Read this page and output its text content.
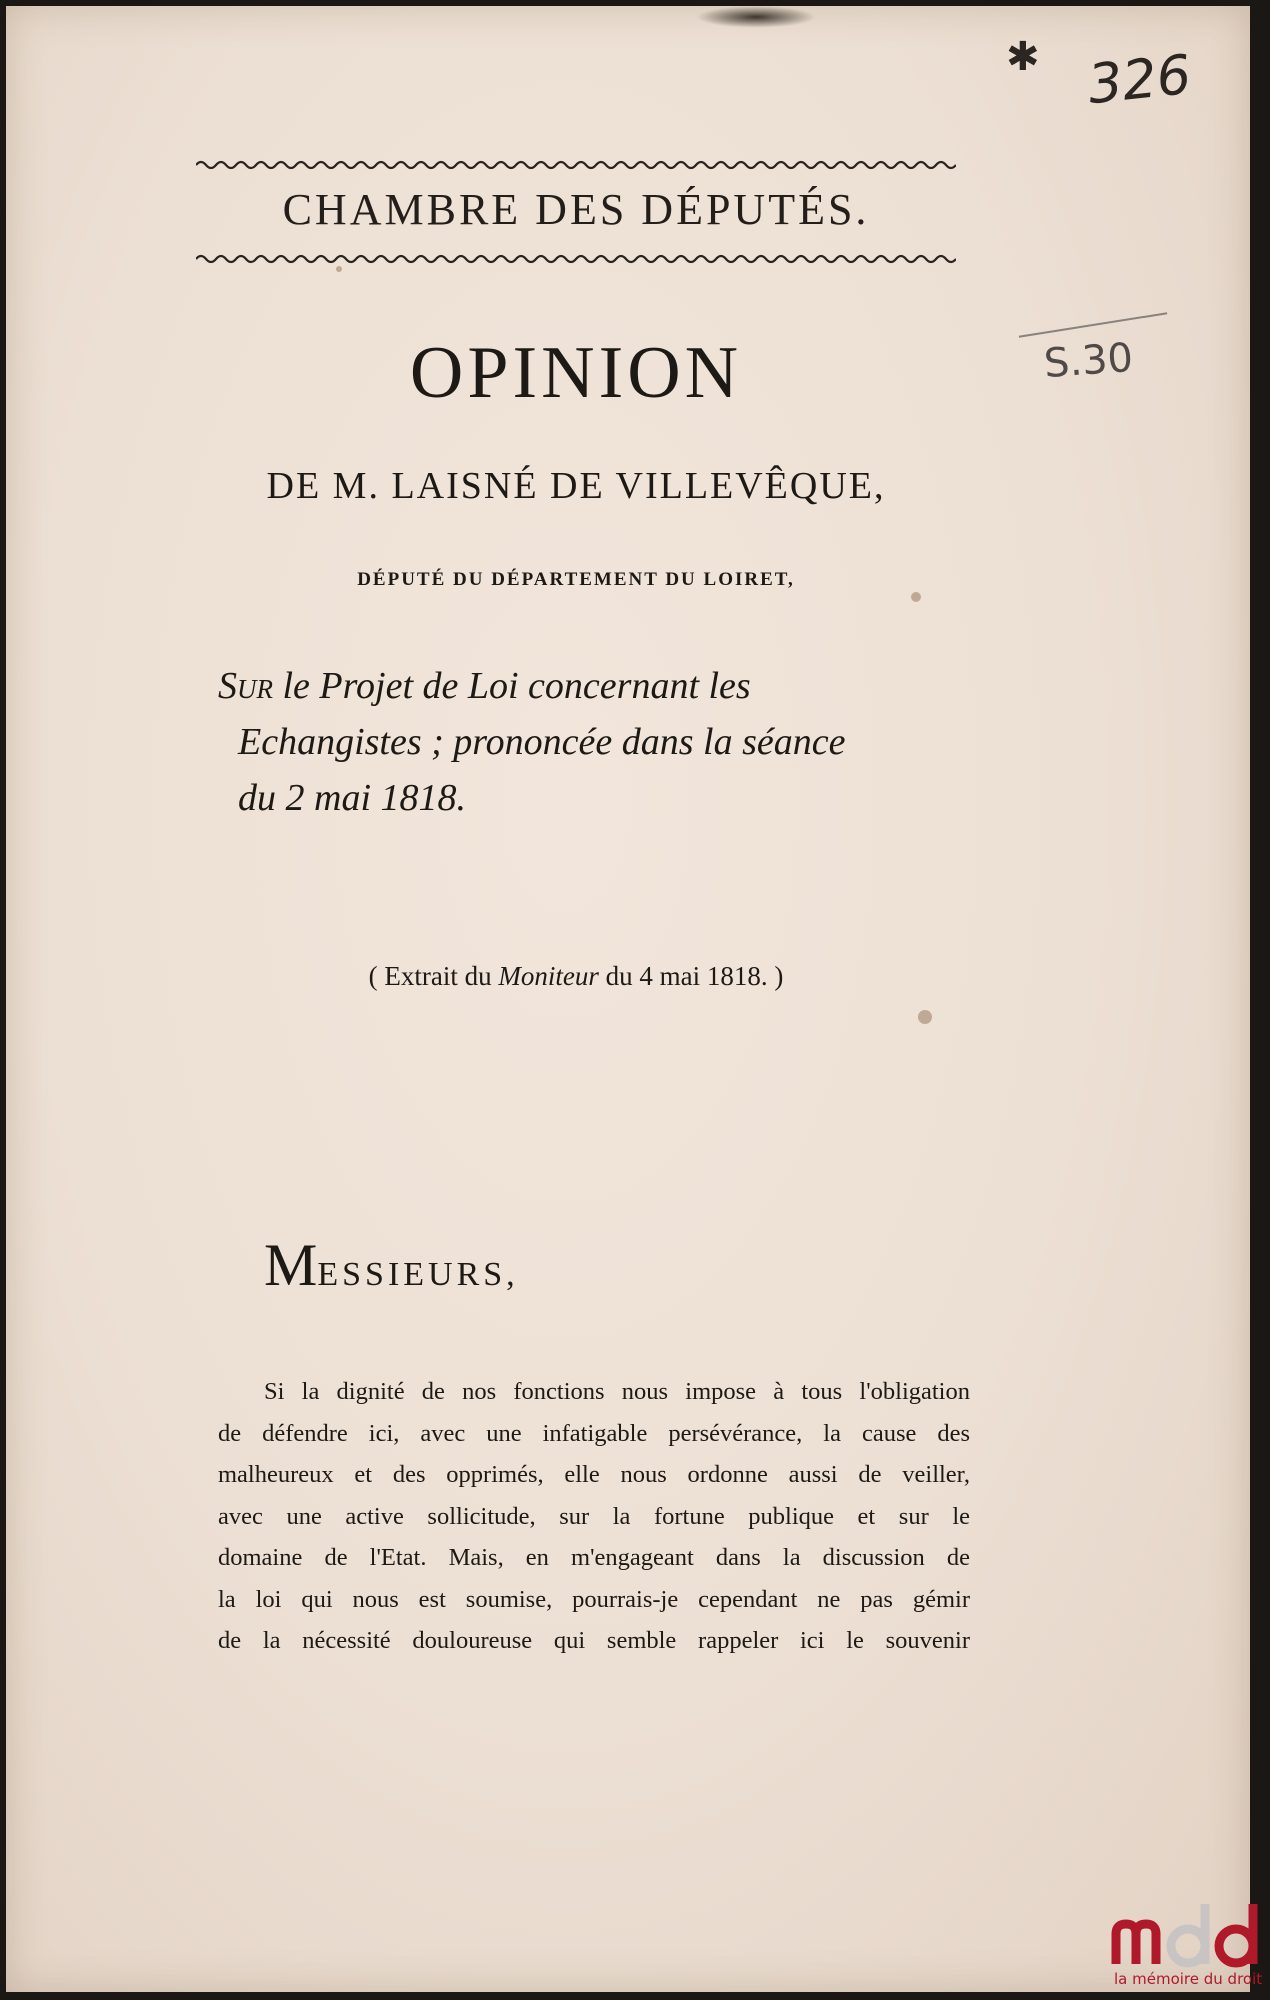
✱ 326
S.30
CHAMBRE DES DÉPUTÉS.
OPINION
DE M. LAISNÉ DE VILLEVÊQUE,
DÉPUTÉ DU DÉPARTEMENT DU LOIRET,
Sur le Projet de Loi concernant les
Echangistes ; prononcée dans la séance
du 2 mai 1818.
( Extrait du Moniteur du 4 mai 1818. )
MESSIEURS,
Si la dignité de nos fonctions nous impose à tous l'obligation
de défendre ici, avec une infatigable persévérance, la cause des
malheureux et des opprimés, elle nous ordonne aussi de veiller,
avec une active sollicitude, sur la fortune publique et sur le
domaine de l'Etat. Mais, en m'engageant dans la discussion de
la loi qui nous est soumise, pourrais-je cependant ne pas gémir
de la nécessité douloureuse qui semble rappeler ici le souvenir
la mémoire du droit
